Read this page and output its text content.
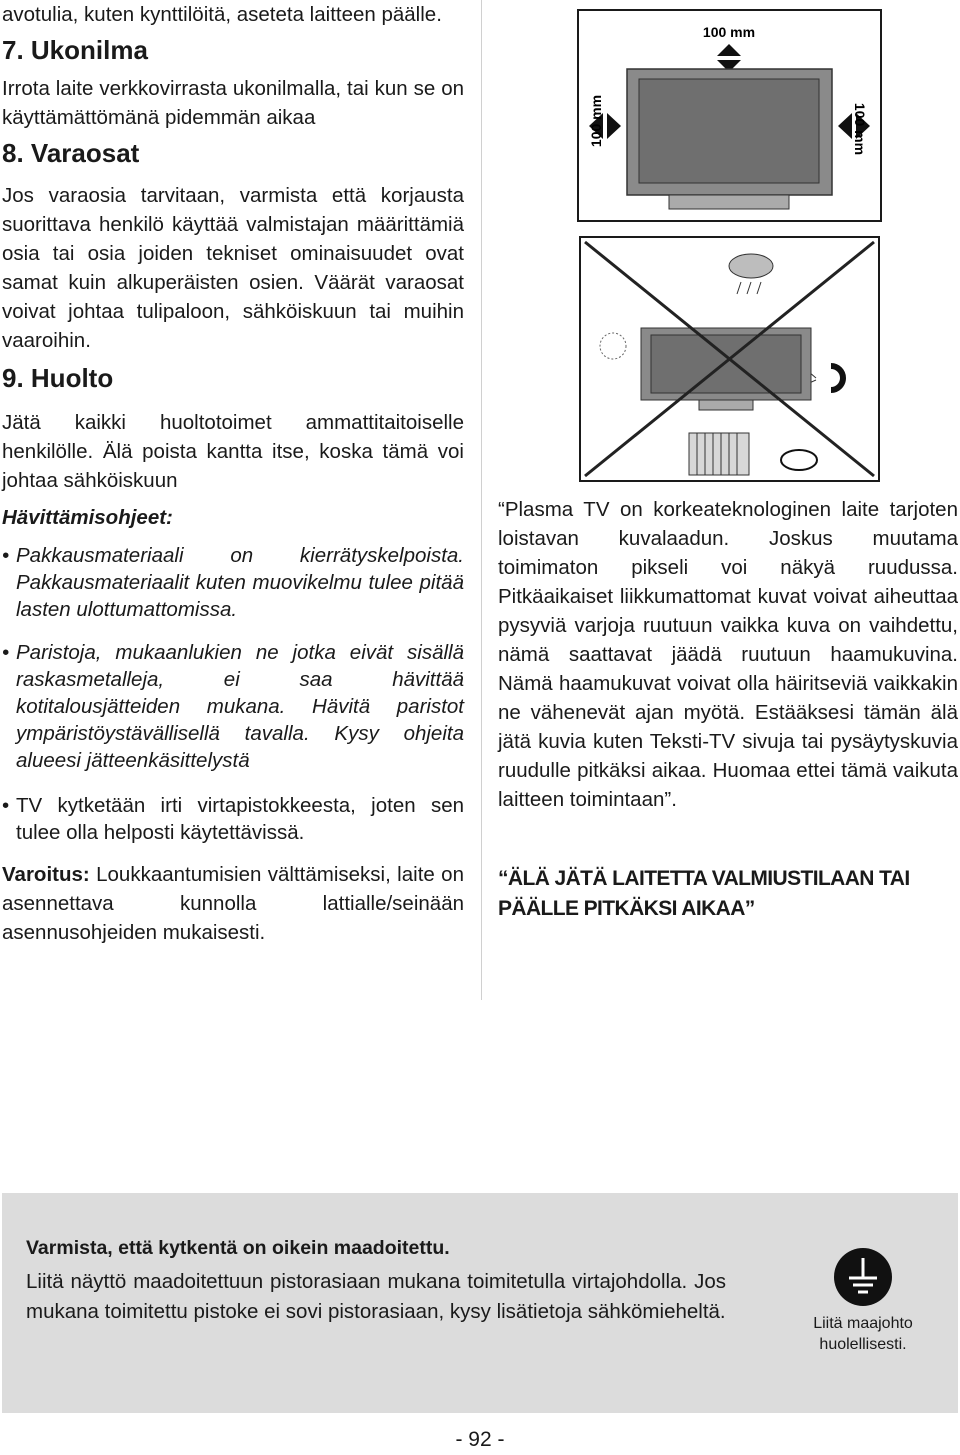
avotulia, kuten kynttilöitä, aseteta laitteen päälle.

7. Ukonilma

Irrota laite verkkovirrasta ukonilmalla, tai kun se on käyttämättömänä pidemmän aikaa

8. Varaosat

Jos varaosia tarvitaan, varmista että korjausta suorittava henkilö käyttää valmistajan määrittämiä osia tai osia joiden tekniset ominaisuudet ovat samat kuin alkuperäisten osien. Väärät varaosat voivat johtaa tulipaloon, sähköiskuun tai muihin vaaroihin.

9. Huolto

Jätä kaikki huoltotoimet ammattitaitoiselle henkilölle. Älä poista kantta itse, koska tämä voi johtaa sähköiskuun

Hävittämisohjeet:

• Pakkausmateriaali on kierrätyskelpoista. Pakkausmateriaalit kuten muovikelmu tulee pitää lasten ulottumattomissa.

• Paristoja, mukaanlukien ne jotka eivät sisällä raskasmetalleja, ei saa hävittää kotitalousjätteiden mukana. Hävitä paristot ympäristöystävällisellä tavalla. Kysy ohjeita alueesi jätteenkäsittelystä

• TV kytketään irti virtapistokkeesta, joten sen tulee olla helposti käytettävissä.

Varoitus: Loukkaantumisien välttämiseksi, laite on asennettava kunnolla lattialle/seinään asennusohjeiden mukaisesti.

100 mm
100 mm	100 mm

“Plasma TV on korkeateknologinen laite tarjoten loistavan kuvalaadun. Joskus muutama toimimaton pikseli voi näkyä ruudussa. Pitkäaikaiset liikkumattomat kuvat voivat aiheuttaa pysyviä varjoja ruutuun vaikka kuva on vaihdettu, nämä saattavat jäädä ruutuun haamukuvina. Nämä haamukuvat voivat olla häiritseviä vaikkakin ne vähenevät ajan myötä. Estääksesi tämän älä jätä kuvia kuten Teksti-TV sivuja tai pysäytyskuvia ruudulle pitkäksi aikaa. Huomaa ettei tämä vaikuta laitteen toimintaan”.

“ÄLÄ JÄTÄ LAITETTA VALMIUSTILAAN TAI PÄÄLLE PITKÄKSI AIKAA”

Varmista, että kytkentä on oikein maadoitettu.
Liitä näyttö maadoitettuun pistorasiaan mukana toimitetulla virtajohdolla. Jos mukana toimitettu pistoke ei sovi pistorasiaan, kysy lisätietoja sähkömieheltä.
Liitä maajohto huolellisesti.
- 92 -
